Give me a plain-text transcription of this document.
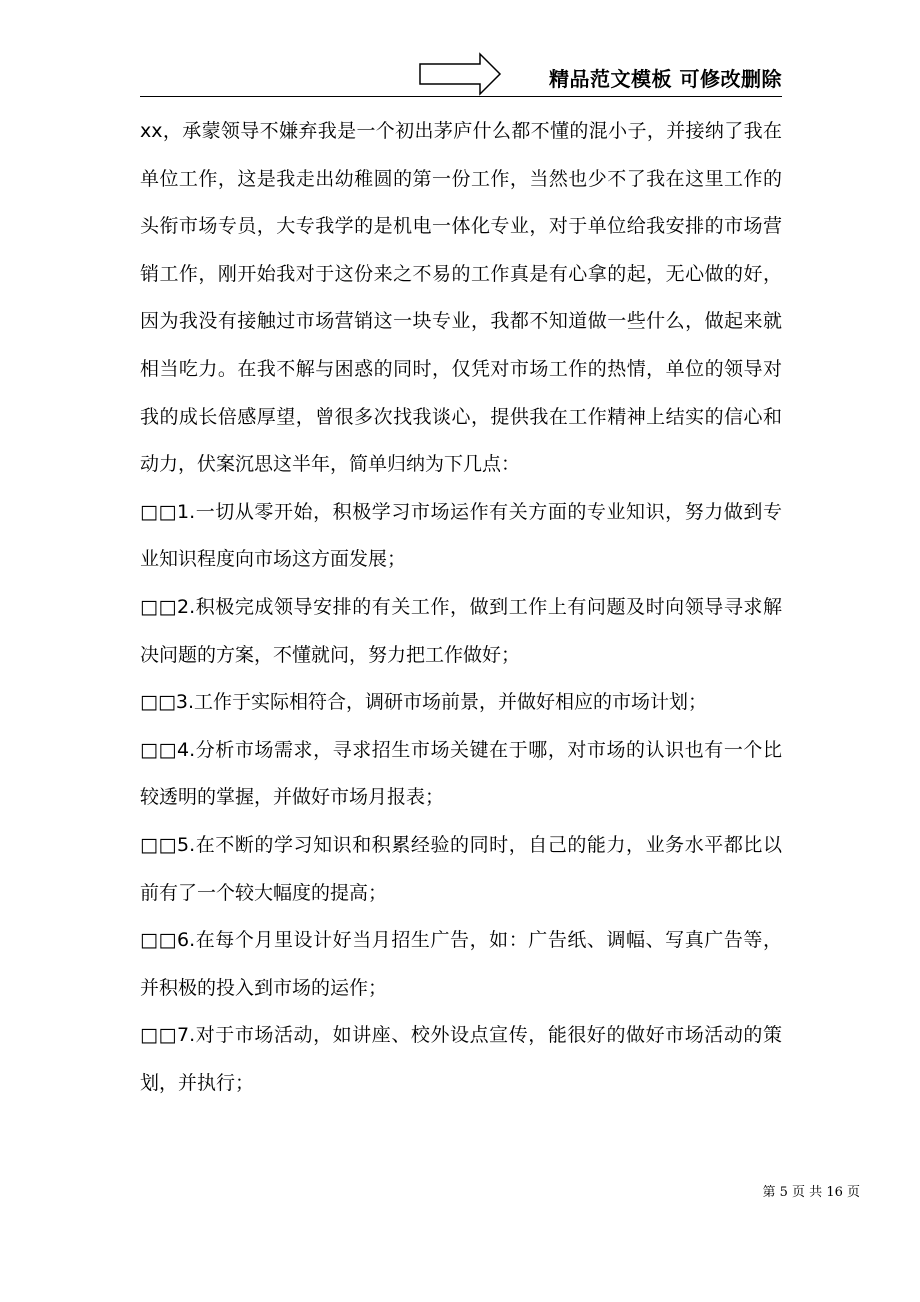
精品范文模板 可修改删除

xx，承蒙领导不嫌弃我是一个初出茅庐什么都不懂的混小子，并接纳了我在单位工作，这是我走出幼稚圆的第一份工作，当然也少不了我在这里工作的头衔市场专员，大专我学的是机电一体化专业，对于单位给我安排的市场营销工作，刚开始我对于这份来之不易的工作真是有心拿的起，无心做的好，因为我没有接触过市场营销这一块专业，我都不知道做一些什么，做起来就相当吃力。在我不解与困惑的同时，仅凭对市场工作的热情，单位的领导对我的成长倍感厚望，曾很多次找我谈心，提供我在工作精神上结实的信心和动力，伏案沉思这半年，简单归纳为下几点：

□□1.一切从零开始，积极学习市场运作有关方面的专业知识，努力做到专业知识程度向市场这方面发展；

□□2.积极完成领导安排的有关工作，做到工作上有问题及时向领导寻求解决问题的方案，不懂就问，努力把工作做好；

□□3.工作于实际相符合，调研市场前景，并做好相应的市场计划；

□□4.分析市场需求，寻求招生市场关键在于哪，对市场的认识也有一个比较透明的掌握，并做好市场月报表；

□□5.在不断的学习知识和积累经验的同时，自己的能力，业务水平都比以前有了一个较大幅度的提高；

□□6.在每个月里设计好当月招生广告，如：广告纸、调幅、写真广告等，并积极的投入到市场的运作；

□□7.对于市场活动，如讲座、校外设点宣传，能很好的做好市场活动的策划，并执行；

第 5 页 共 16 页
